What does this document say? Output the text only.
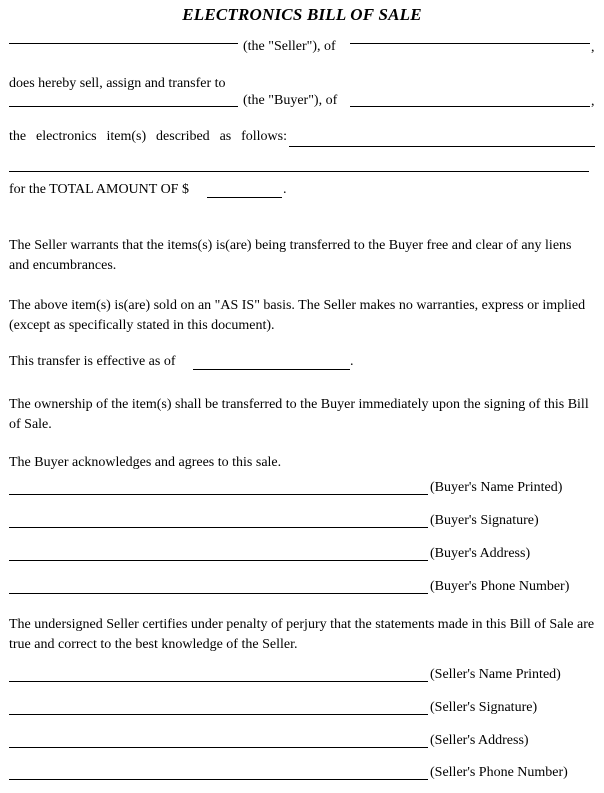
ELECTRONICS BILL OF SALE
(the "Seller"), of	,
does hereby sell, assign and transfer to
(the "Buyer"), of	,
the electronics item(s) described as follows:
for the TOTAL AMOUNT OF $	.
The Seller warrants that the items(s) is(are) being transferred to the Buyer free and clear of any liens and encumbrances.
The above item(s) is(are) sold on an "AS IS" basis. The Seller makes no warranties, express or implied (except as specifically stated in this document).
This transfer is effective as of	.
The ownership of the item(s) shall be transferred to the Buyer immediately upon the signing of this Bill of Sale.
The Buyer acknowledges and agrees to this sale.
(Buyer's Name Printed)
(Buyer's Signature)
(Buyer's Address)
(Buyer's Phone Number)
The undersigned Seller certifies under penalty of perjury that the statements made in this Bill of Sale are true and correct to the best knowledge of the Seller.
(Seller's Name Printed)
(Seller's Signature)
(Seller's Address)
(Seller's Phone Number)
